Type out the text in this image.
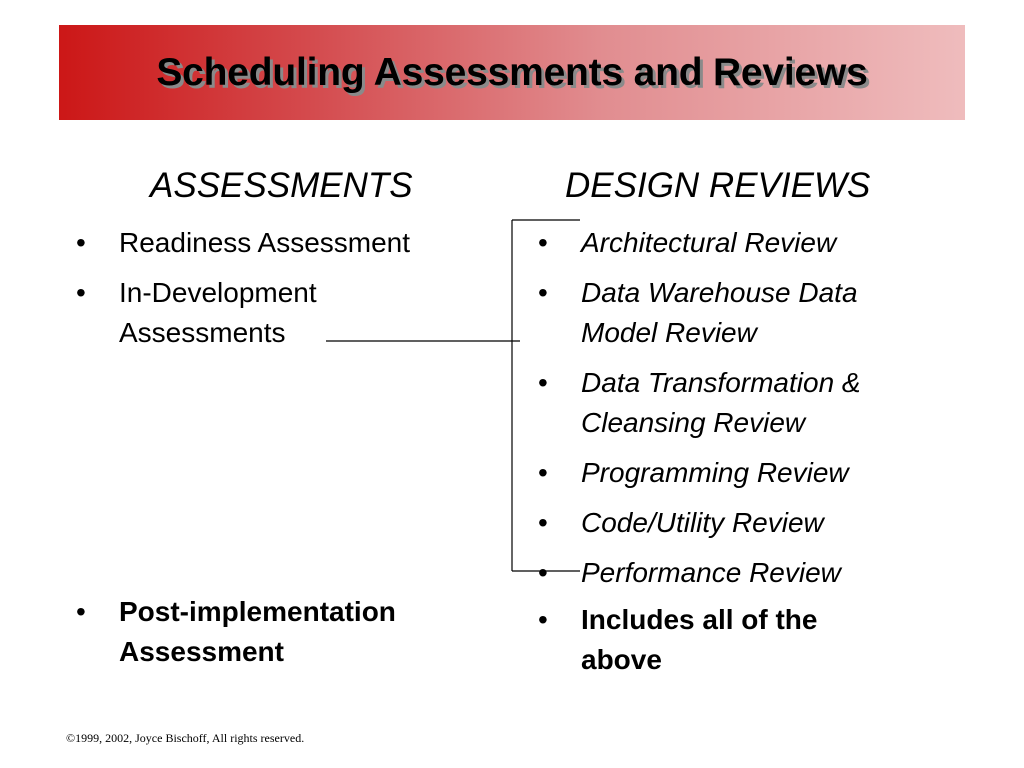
Scheduling Assessments and Reviews
ASSESSMENTS	DESIGN REVIEWS
• Readiness Assessment
• In-Development
Assessments
• Post-implementation
Assessment
• Architectural Review
• Data Warehouse Data
Model Review
• Data Transformation &
Cleansing Review
• Programming Review
• Code/Utility Review
• Performance Review
• Includes all of the
above
©1999, 2002, Joyce Bischoff, All rights reserved.
